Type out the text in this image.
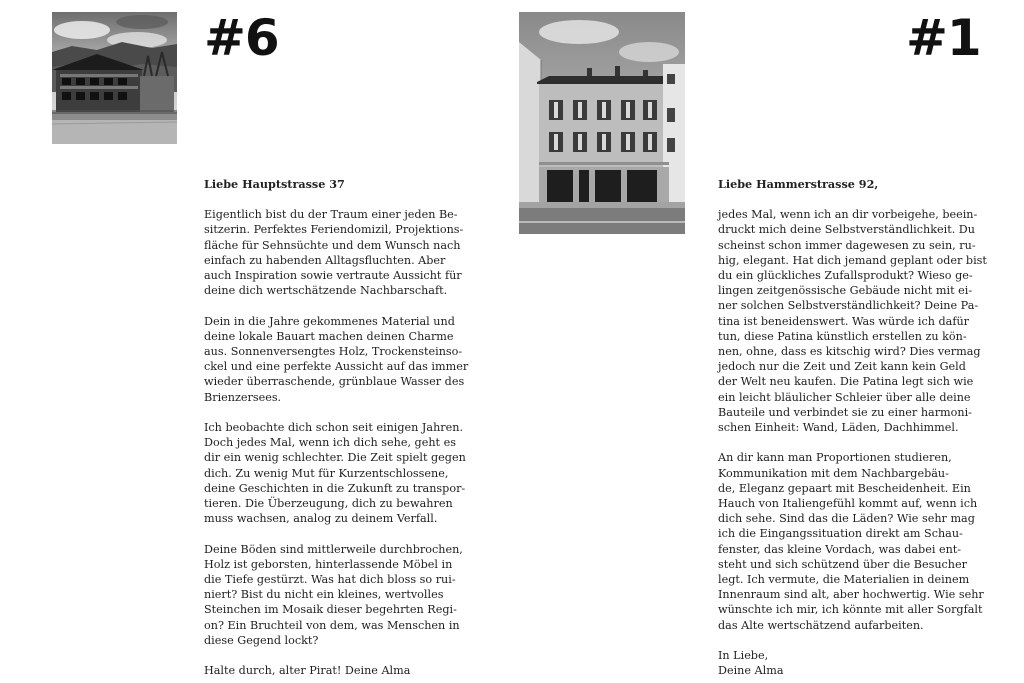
#6
Liebe Hauptstrasse 37

Eigentlich bist du der Traum einer jeden Be-
sitzerin. Perfektes Feriendomizil, Projektions-
fläche für Sehnsüchte und dem Wunsch nach
einfach zu habenden Alltagsfluchten. Aber
auch Inspiration sowie vertraute Aussicht für
deine dich wertschätzende Nachbarschaft.

Dein in die Jahre gekommenes Material und
deine lokale Bauart machen deinen Charme
aus. Sonnenversengtes Holz, Trockensteinso-
ckel und eine perfekte Aussicht auf das immer
wieder überraschende, grünblaue Wasser des
Brienzersees.

Ich beobachte dich schon seit einigen Jahren.
Doch jedes Mal, wenn ich dich sehe, geht es
dir ein wenig schlechter. Die Zeit spielt gegen
dich. Zu wenig Mut für Kurzentschlossene,
deine Geschichten in die Zukunft zu transpor-
tieren. Die Überzeugung, dich zu bewahren
muss wachsen, analog zu deinem Verfall.

Deine Böden sind mittlerweile durchbrochen,
Holz ist geborsten, hinterlassende Möbel in
die Tiefe gestürzt. Was hat dich bloss so rui-
niert? Bist du nicht ein kleines, wertvolles
Steinchen im Mosaik dieser begehrten Regi-
on? Ein Bruchteil von dem, was Menschen in
diese Gegend lockt?

Halte durch, alter Pirat! Deine Alma

#1
Liebe Hammerstrasse 92,

jedes Mal, wenn ich an dir vorbeigehe, beein-
druckt mich deine Selbstverständlichkeit. Du
scheinst schon immer dagewesen zu sein, ru-
hig, elegant. Hat dich jemand geplant oder bist
du ein glückliches Zufallsprodukt? Wieso ge-
lingen zeitgenössische Gebäude nicht mit ei-
ner solchen Selbstverständlichkeit? Deine Pa-
tina ist beneidenswert. Was würde ich dafür
tun, diese Patina künstlich erstellen zu kön-
nen, ohne, dass es kitschig wird? Dies vermag
jedoch nur die Zeit und Zeit kann kein Geld
der Welt neu kaufen. Die Patina legt sich wie
ein leicht bläulicher Schleier über alle deine
Bauteile und verbindet sie zu einer harmoni-
schen Einheit: Wand, Läden, Dachhimmel.

An dir kann man Proportionen studieren,
Kommunikation mit dem Nachbargebäu-
de, Eleganz gepaart mit Bescheidenheit. Ein
Hauch von Italiengefühl kommt auf, wenn ich
dich sehe. Sind das die Läden? Wie sehr mag
ich die Eingangssituation direkt am Schau-
fenster, das kleine Vordach, was dabei ent-
steht und sich schützend über die Besucher
legt. Ich vermute, die Materialien in deinem
Innenraum sind alt, aber hochwertig. Wie sehr
wünschte ich mir, ich könnte mit aller Sorgfalt
das Alte wertschätzend aufarbeiten.

In Liebe,
Deine Alma
